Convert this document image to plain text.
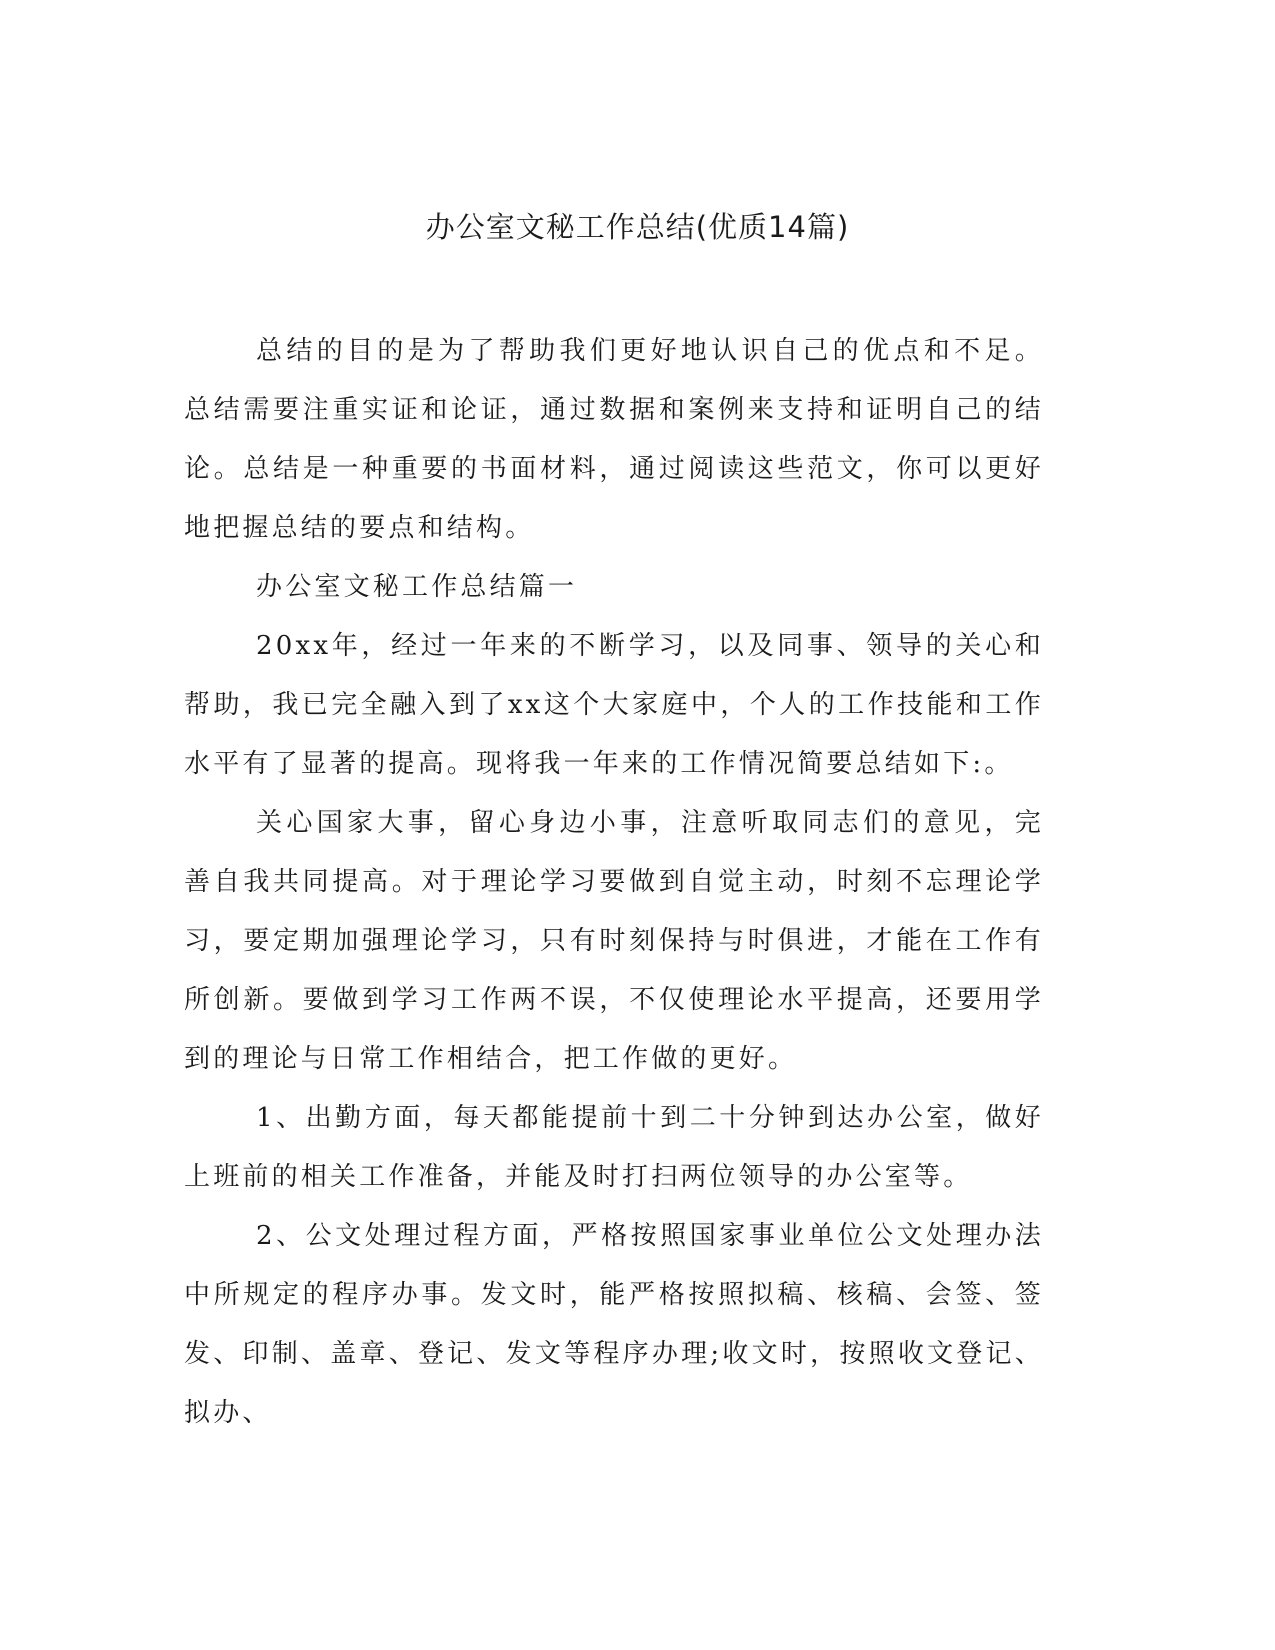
办公室文秘工作总结(优质14篇)

总结的目的是为了帮助我们更好地认识自己的优点和不足。总结需要注重实证和论证，通过数据和案例来支持和证明自己的结论。总结是一种重要的书面材料，通过阅读这些范文，你可以更好地把握总结的要点和结构。

办公室文秘工作总结篇一

20xx年，经过一年来的不断学习，以及同事、领导的关心和帮助，我已完全融入到了xx这个大家庭中，个人的工作技能和工作水平有了显著的提高。现将我一年来的工作情况简要总结如下:。

关心国家大事，留心身边小事，注意听取同志们的意见，完善自我共同提高。对于理论学习要做到自觉主动，时刻不忘理论学习，要定期加强理论学习，只有时刻保持与时俱进，才能在工作有所创新。要做到学习工作两不误，不仅使理论水平提高，还要用学到的理论与日常工作相结合，把工作做的更好。

1、出勤方面，每天都能提前十到二十分钟到达办公室，做好上班前的相关工作准备，并能及时打扫两位领导的办公室等。

2、公文处理过程方面，严格按照国家事业单位公文处理办法中所规定的程序办事。发文时，能严格按照拟稿、核稿、会签、签发、印制、盖章、登记、发文等程序办理;收文时，按照收文登记、拟办、
